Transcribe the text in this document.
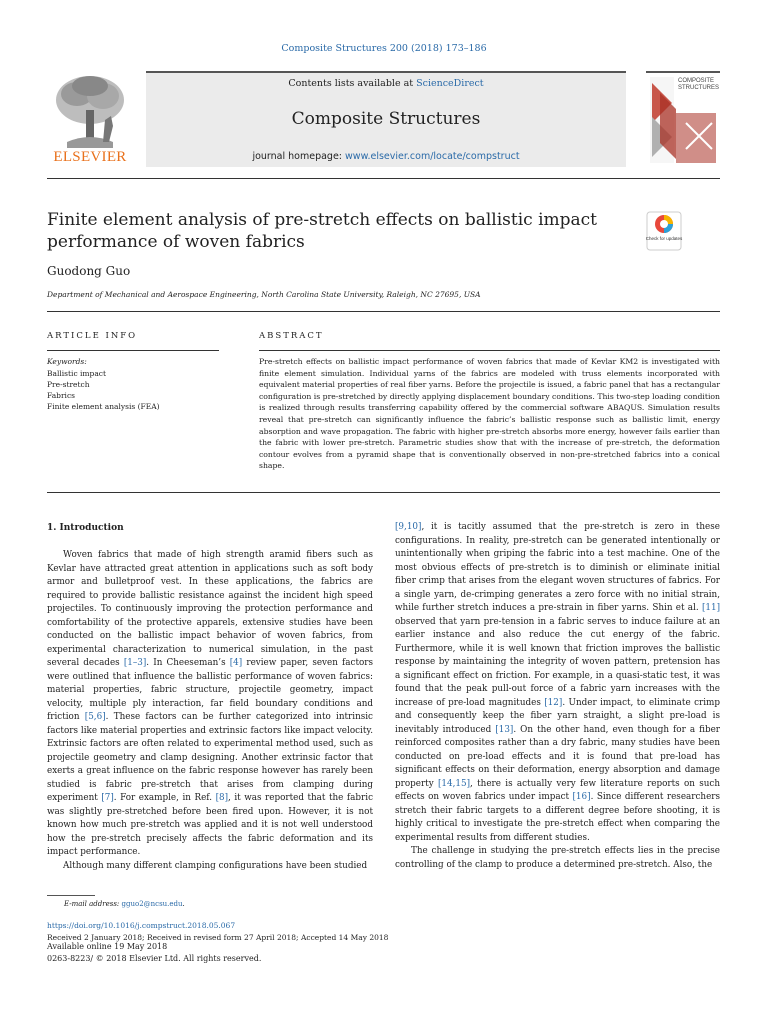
Composite Structures 200 (2018) 173–186
ELSEVIER
Contents lists available at ScienceDirect
Composite Structures
journal homepage: www.elsevier.com/locate/compstruct
COMPOSITE
STRUCTURES
Finite element analysis of pre-stretch effects on ballistic impact performance of woven fabrics	Check for updates
Guodong Guo
Department of Mechanical and Aerospace Engineering, North Carolina State University, Raleigh, NC 27695, USA
ARTICLE INFO	ABSTRACT
Keywords:
Ballistic impact
Pre-stretch
Fabrics
Finite element analysis (FEA)
Pre-stretch effects on ballistic impact performance of woven fabrics that made of Kevlar KM2 is investigated with finite element simulation. Individual yarns of the fabrics are modeled with truss elements incorporated with equivalent material properties of real fiber yarns. Before the projectile is issued, a fabric panel that has a rectangular configuration is pre-stretched by directly applying displacement boundary conditions. This two-step loading condition is realized through results transferring capability offered by the commercial software ABAQUS. Simulation results reveal that pre-stretch can significantly influence the fabric’s ballistic response such as ballistic limit, energy absorption and wave propagation. The fabric with higher pre-stretch absorbs more energy, however fails earlier than the fabric with lower pre-stretch. Parametric studies show that with the increase of pre-stretch, the deformation contour evolves from a pyramid shape that is conventionally observed in non-pre-stretched fabrics into a conical shape.
1. Introduction

Woven fabrics that made of high strength aramid fibers such as Kevlar have attracted great attention in applications such as soft body armor and bulletproof vest. In these applications, the fabrics are required to provide ballistic resistance against the incident high speed projectiles. To continuously improving the protection performance and comfortability of the protective apparels, extensive studies have been conducted on the ballistic impact behavior of woven fabrics, from experimental characterization to numerical simulation, in the past several decades [1–3]. In Cheeseman’s [4] review paper, seven factors were outlined that influence the ballistic performance of woven fabrics: material properties, fabric structure, projectile geometry, impact velocity, multiple ply interaction, far field boundary conditions and friction [5,6]. These factors can be further categorized into intrinsic factors like material properties and extrinsic factors like impact velocity. Extrinsic factors are often related to experimental method used, such as projectile geometry and clamp designing. Another extrinsic factor that exerts a great influence on the fabric response however has rarely been studied is fabric pre-stretch that arises from clamping during experiment [7]. For example, in Ref. [8], it was reported that the fabric was slightly pre-stretched before been fired upon. However, it is not known how much pre-stretch was applied and it is not well understood how the pre-stretch precisely affects the fabric deformation and its impact performance.

Although many different clamping configurations have been studied

[9,10], it is tacitly assumed that the pre-stretch is zero in these configurations. In reality, pre-stretch can be generated intentionally or unintentionally when griping the fabric into a test machine. One of the most obvious effects of pre-stretch is to diminish or eliminate initial fiber crimp that arises from the elegant woven structures of fabrics. For a single yarn, de-crimping generates a zero force with no initial strain, while further stretch induces a pre-strain in fiber yarns. Shin et al. [11] observed that yarn pre-tension in a fabric serves to induce failure at an earlier instance and also reduce the cut energy of the fabric. Furthermore, while it is well known that friction improves the ballistic response by maintaining the integrity of woven pattern, pretension has a significant effect on friction. For example, in a quasi-static test, it was found that the peak pull-out force of a fabric yarn increases with the increase of pre-load magnitudes [12]. Under impact, to eliminate crimp and consequently keep the fiber yarn straight, a slight pre-load is inevitably introduced [13]. On the other hand, even though for a fiber reinforced composites rather than a dry fabric, many studies have been conducted on pre-load effects and it is found that pre-load has significant effects on their deformation, energy absorption and damage property [14,15], there is actually very few literature reports on such effects on woven fabrics under impact [16]. Since different researchers stretch their fabric targets to a different degree before shooting, it is highly critical to investigate the pre-stretch effect when comparing the experimental results from different studies.

The challenge in studying the pre-stretch effects lies in the precise controlling of the clamp to produce a determined pre-stretch. Also, the

E-mail address: gguo2@ncsu.edu.
https://doi.org/10.1016/j.compstruct.2018.05.067
Received 2 January 2018; Received in revised form 27 April 2018; Accepted 14 May 2018
Available online 19 May 2018
0263-8223/ © 2018 Elsevier Ltd. All rights reserved.
